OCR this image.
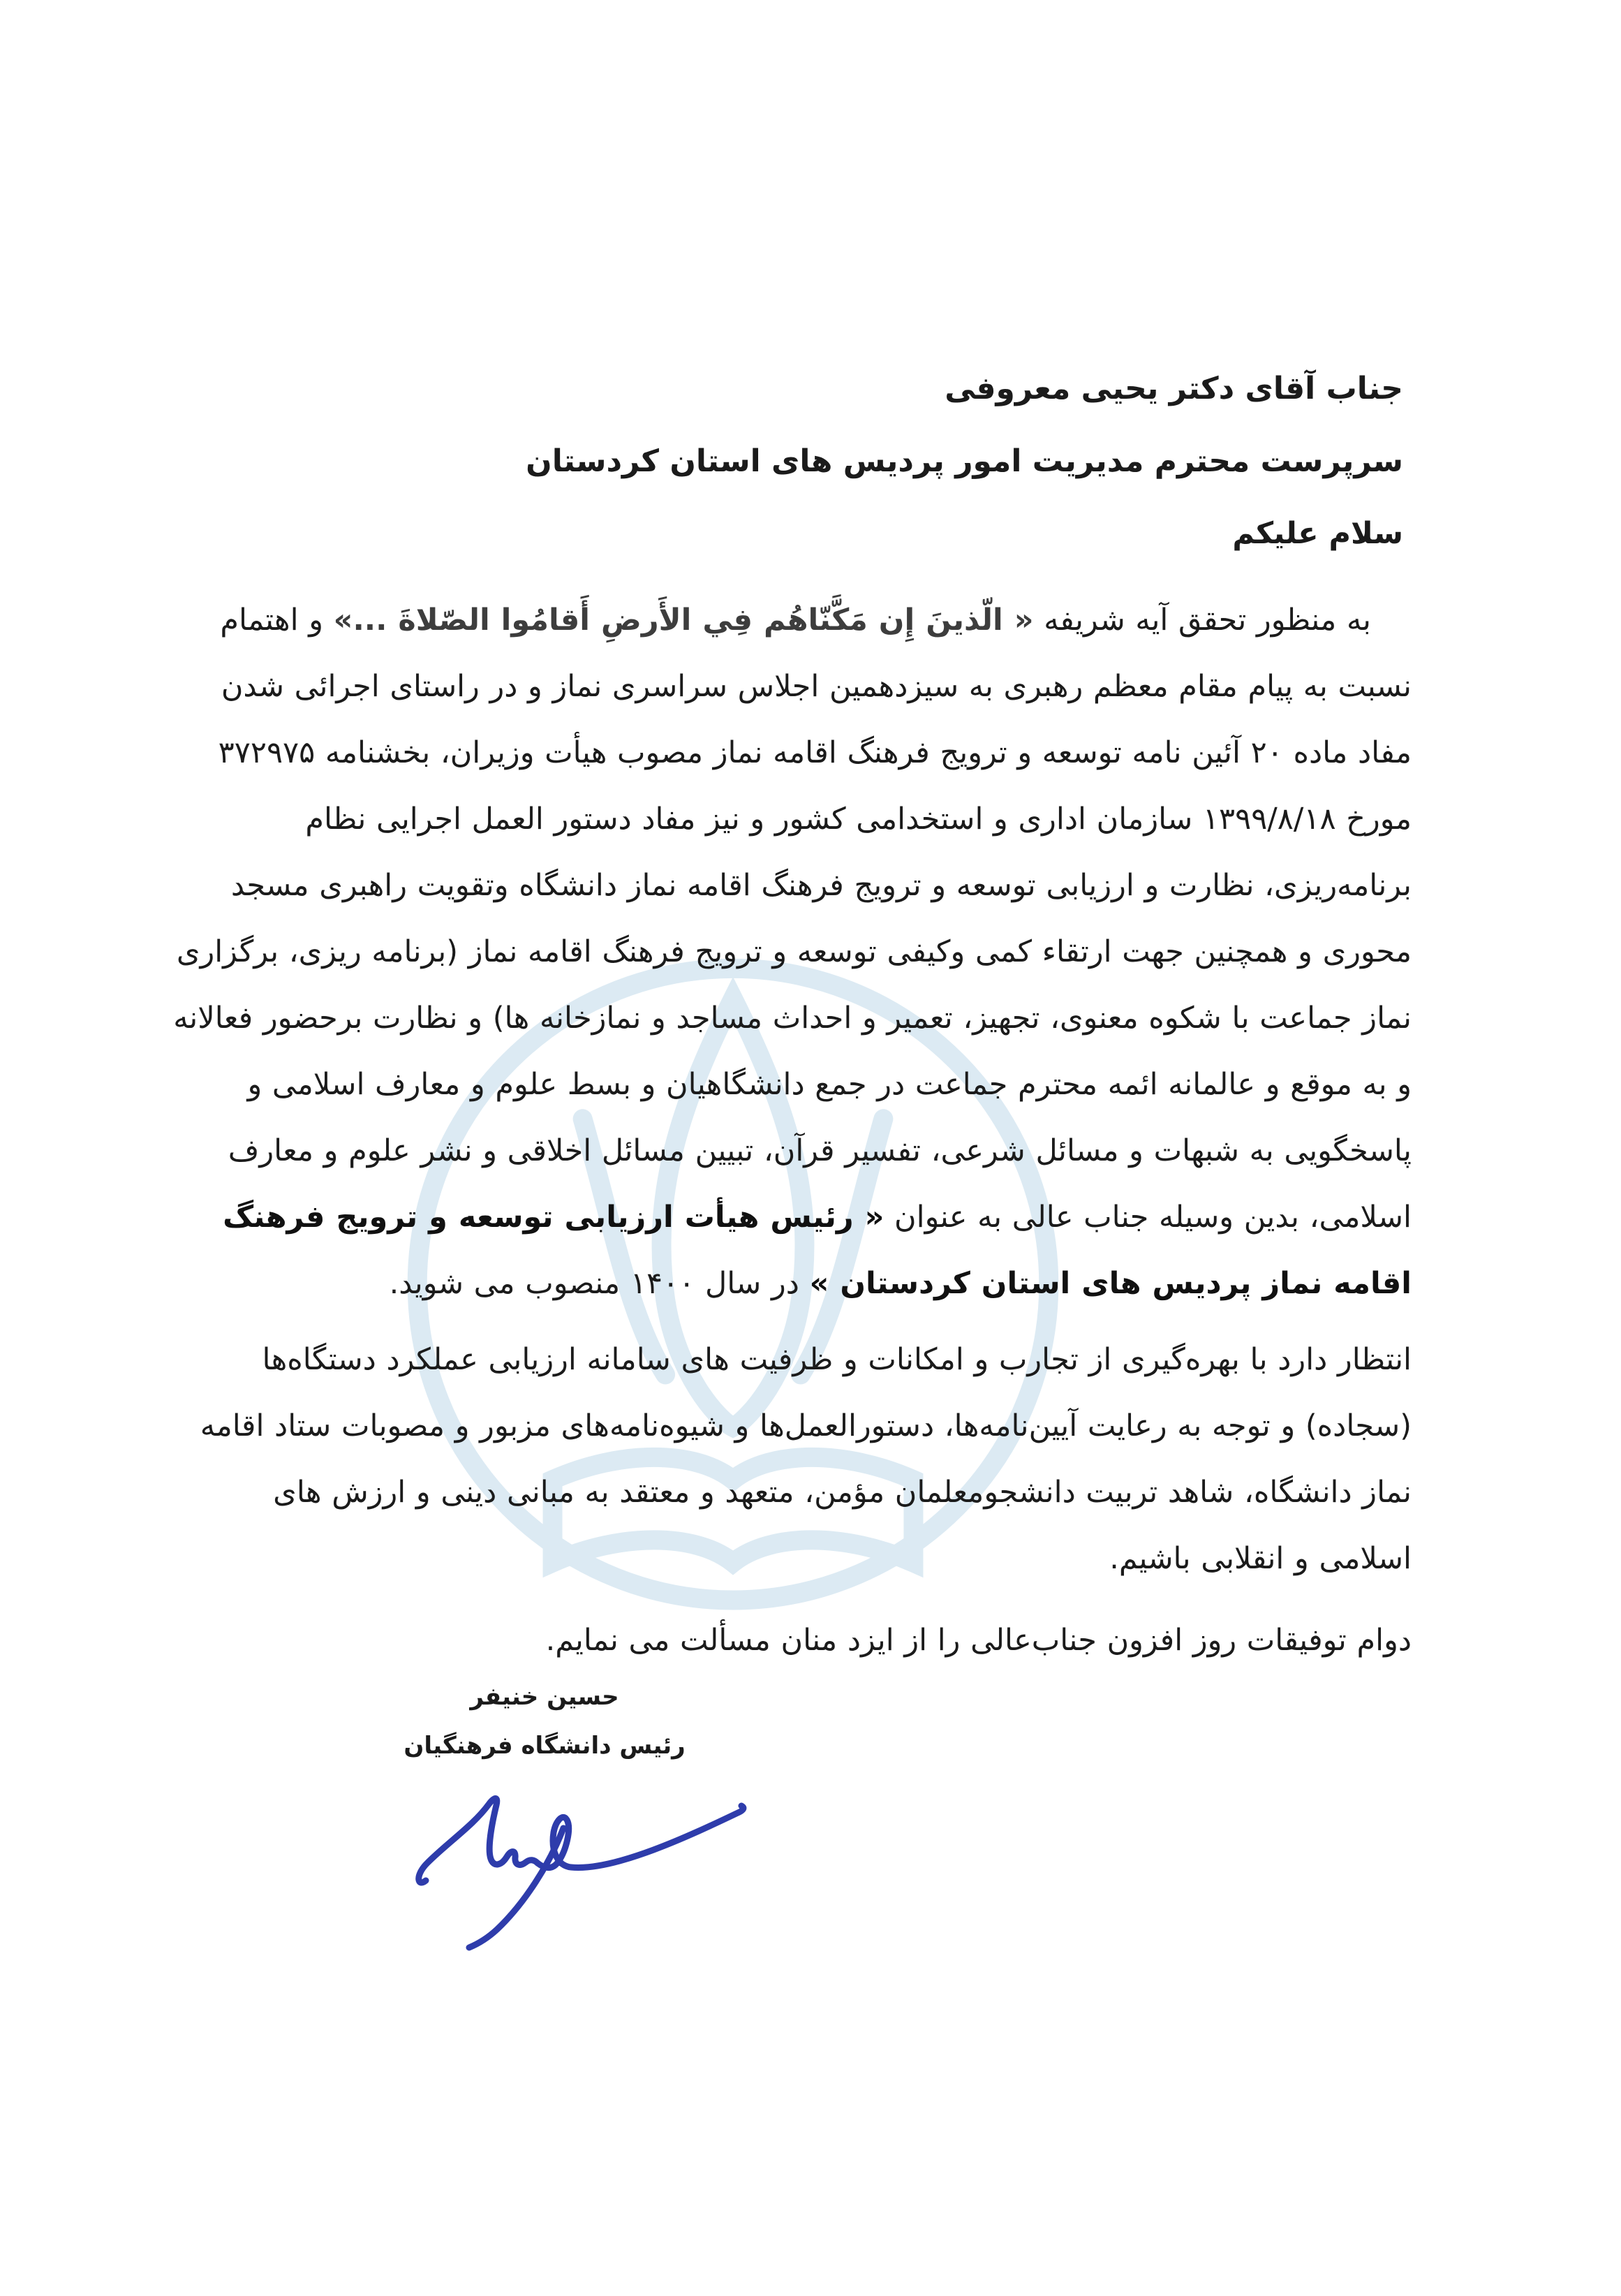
جناب آقای دکتر یحیی معروفی
سرپرست محترم مدیریت امور پردیس های استان کردستان
سلام علیکم

به منظور تحقق آیه شریفه « الّذینَ إِن مَکَّنّاهُم فِي الأَرضِ أَقامُوا الصّلاةَ ...» و اهتمام نسبت به پیام مقام معظم رهبری به سیزدهمین اجلاس سراسری نماز و در راستای اجرائی شدن مفاد ماده ۲۰ آئین نامه توسعه و ترویج فرهنگ اقامه نماز مصوب هیأت وزیران، بخشنامه ۳۷۲۹۷۵ مورخ ۱۳۹۹/۸/۱۸ سازمان اداری و استخدامی کشور و نیز مفاد دستور العمل اجرایی نظام برنامه‌ریزی، نظارت و ارزیابی توسعه و ترویج فرهنگ اقامه نماز دانشگاه وتقویت راهبری مسجد محوری و همچنین جهت ارتقاء کمی وکیفی توسعه و ترویج فرهنگ اقامه نماز (برنامه ریزی، برگزاری نماز جماعت با شکوه معنوی، تجهیز، تعمیر و احداث مساجد و نمازخانه ها) و نظارت برحضور فعالانه و به موقع و عالمانه ائمه محترم جماعت در جمع دانشگاهیان و بسط علوم و معارف اسلامی و پاسخگویی به شبهات و مسائل شرعی، تفسیر قرآن، تبیین مسائل اخلاقی و نشر علوم و معارف اسلامی، بدین وسیله جناب عالی به عنوان « رئیس هیأت ارزیابی توسعه و ترویج فرهنگ اقامه نماز پردیس های استان کردستان » در سال ۱۴۰۰ منصوب می شوید.

انتظار دارد با بهره‌گیری از تجارب و امکانات و ظرفیت های سامانه ارزیابی عملکرد دستگاه‌ها (سجاده) و توجه به رعایت آیین‌نامه‌ها، دستورالعمل‌ها و شیوه‌نامه‌های مزبور و مصوبات ستاد اقامه نماز دانشگاه، شاهد تربیت دانشجومعلمان مؤمن، متعهد و معتقد به مبانی دینی و ارزش های اسلامی و انقلابی باشیم.

دوام توفیقات روز افزون جناب‌عالی را از ایزد منان مسألت می نمایم.

حسین خنیفر
رئیس دانشگاه فرهنگیان
